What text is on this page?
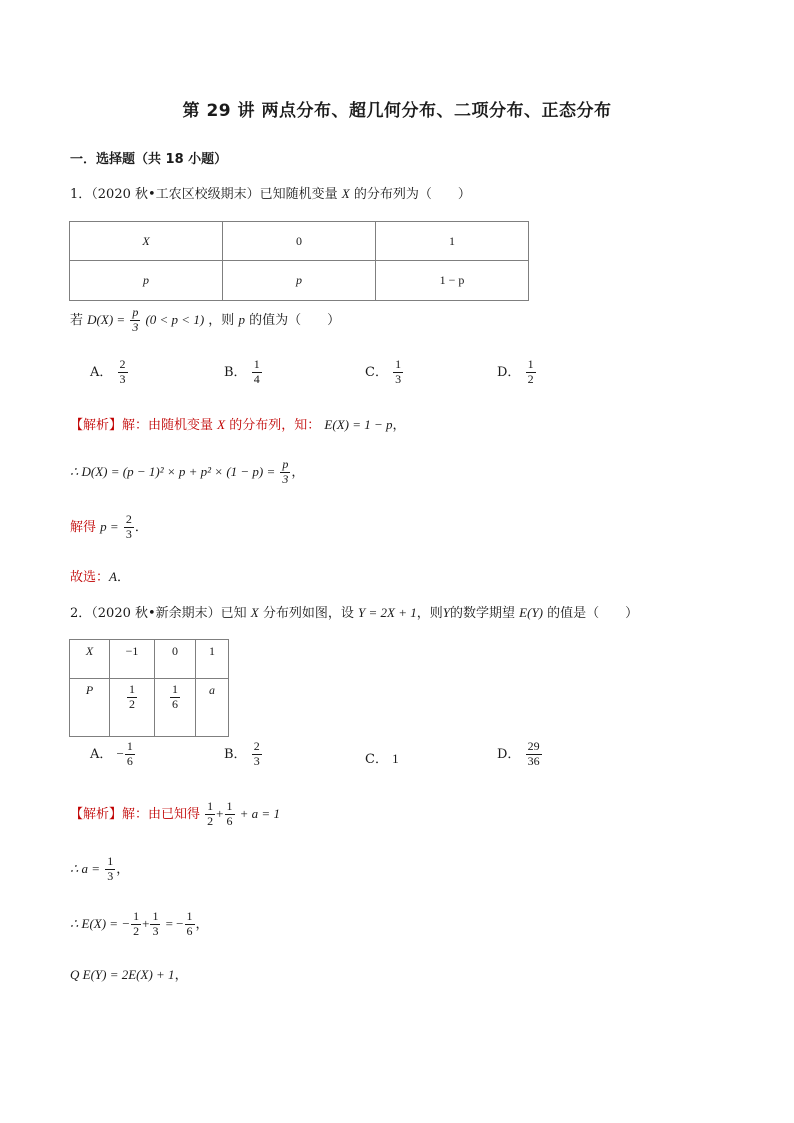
第 29 讲 两点分布、超几何分布、二项分布、正态分布
一．选择题（共 18 小题）
1．（2020 秋•工农区校级期末）已知随机变量 X 的分布列为（　　）
X	0	1
p	p	1 − p
若 $D(X) = \frac{p}{3} (0 < p < 1)$ ，则 p 的值为（　　）
A． $\frac{2}{3}$	B． $\frac{1}{4}$	C． $\frac{1}{3}$	D． $\frac{1}{2}$
【解析】解：由随机变量 X 的分布列，知： E(X) = 1 − p，
∴ $D(X) = (p - 1)^2 \times p + p^2 \times (1 - p) = \frac{p}{3}$ ，
解得 $p = \frac{2}{3}$ ．
故选：A．
2．（2020 秋•新余期末）已知 X 分布列如图，设 Y = 2X + 1，则Y的数学期望 E(Y) 的值是（　　）
X	−1	0	1
P	$\frac{1}{2}$	$\frac{1}{6}$	a
A． − $\frac{1}{6}$	B． $\frac{2}{3}$	C． 1	D． $\frac{29}{36}$
【解析】解：由已知得 $\frac{1}{2} + \frac{1}{6} + a = 1$
∴ $a = \frac{1}{3}$ ，
∴ E(X) = − $\frac{1}{2} + \frac{1}{3}$ = − $\frac{1}{6}$ ，
Q E(Y) = 2E(X) + 1，
